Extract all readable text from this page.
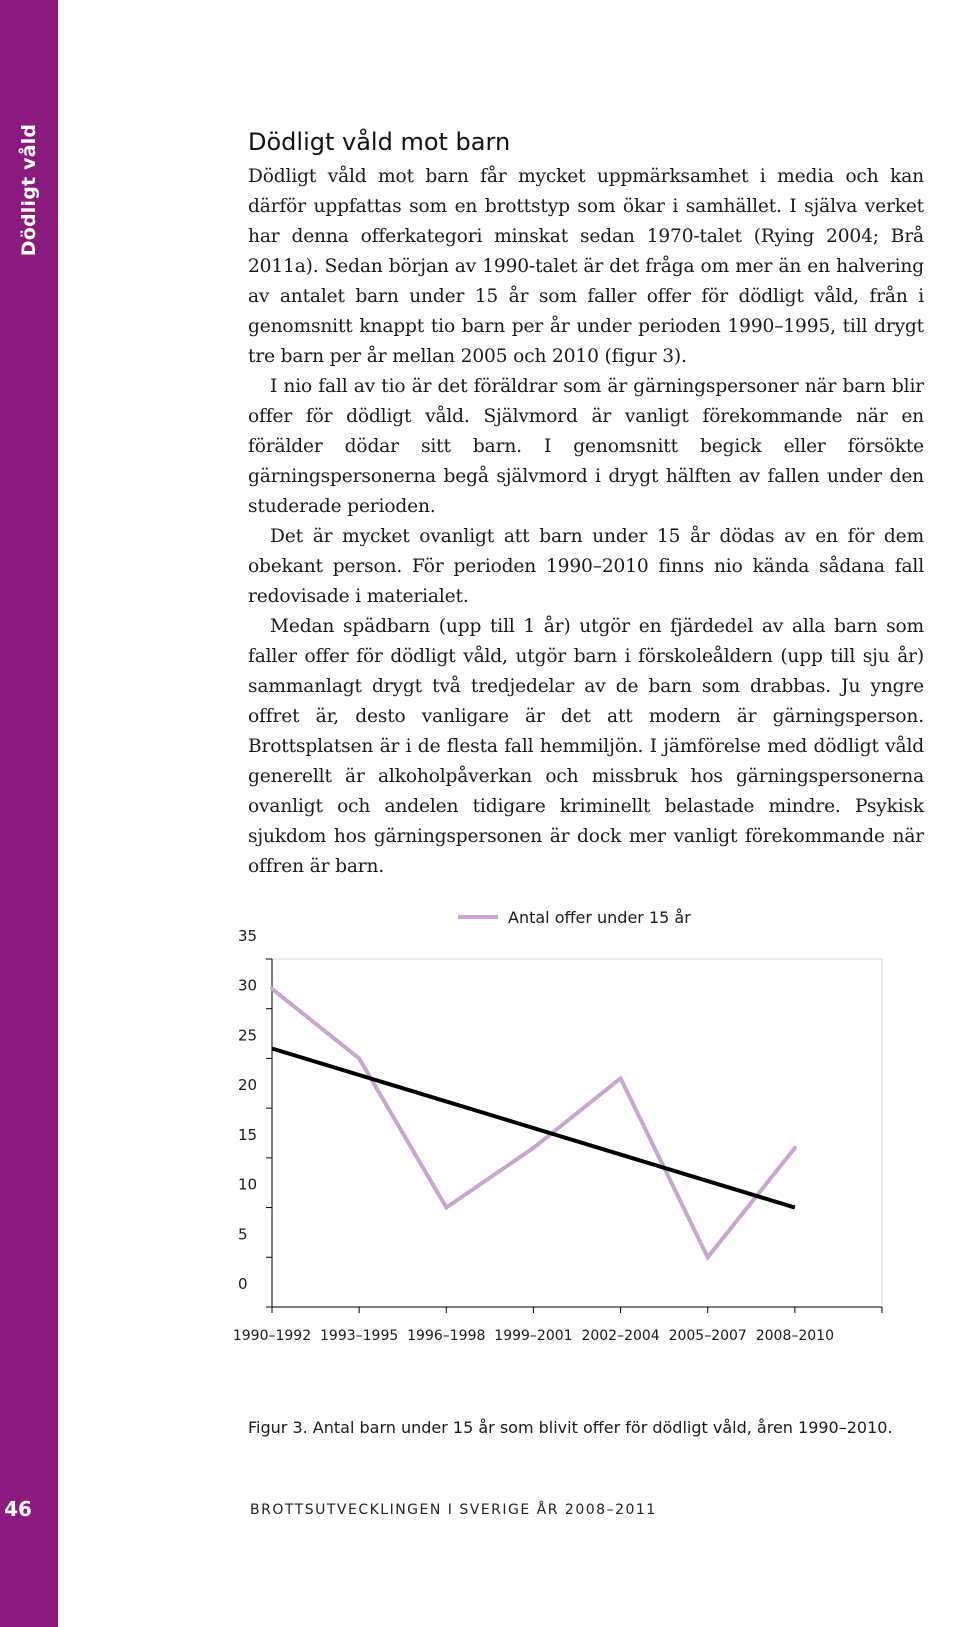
Dödligt våld
46
Dödligt våld mot barn

Dödligt våld mot barn får mycket uppmärksamhet i media och kan därför uppfattas som en brottstyp som ökar i samhället. I själva verket har denna offerkategori minskat sedan 1970-talet (Rying 2004; Brå 2011a). Sedan början av 1990-talet är det fråga om mer än en halvering av antalet barn under 15 år som faller offer för dödligt våld, från i genomsnitt knappt tio barn per år under perioden 1990–1995, till drygt tre barn per år mellan 2005 och 2010 (figur 3).

I nio fall av tio är det föräldrar som är gärningspersoner när barn blir offer för dödligt våld. Självmord är vanligt förekommande när en förälder dödar sitt barn. I genomsnitt begick eller försökte gärningspersonerna begå självmord i drygt hälften av fallen under den studerade perioden.

Det är mycket ovanligt att barn under 15 år dödas av en för dem obekant person. För perioden 1990–2010 finns nio kända sådana fall redovisade i materialet.

Medan spädbarn (upp till 1 år) utgör en fjärdedel av alla barn som faller offer för dödligt våld, utgör barn i förskoleåldern (upp till sju år) sammanlagt drygt två tredjedelar av de barn som drabbas. Ju yngre offret är, desto vanligare är det att modern är gärningsperson. Brottsplatsen är i de flesta fall hemmiljön. I jämförelse med dödligt våld generellt är alkoholpåverkan och missbruk hos gärningspersonerna ovanligt och andelen tidigare kriminellt belastade mindre. Psykisk sjukdom hos gärningspersonen är dock mer vanligt förekommande när offren är barn.

Antal offer under 15 år
0
5
10
15
20
25
30
35
1990–1992 1993–1995 1996–1998 1999–2001 2002–2004 2005–2007 2008–2010

Figur 3. Antal barn under 15 år som blivit offer för dödligt våld, åren 1990–2010.

BROTTSUTVECKLINGEN I SVERIGE ÅR 2008–2011
